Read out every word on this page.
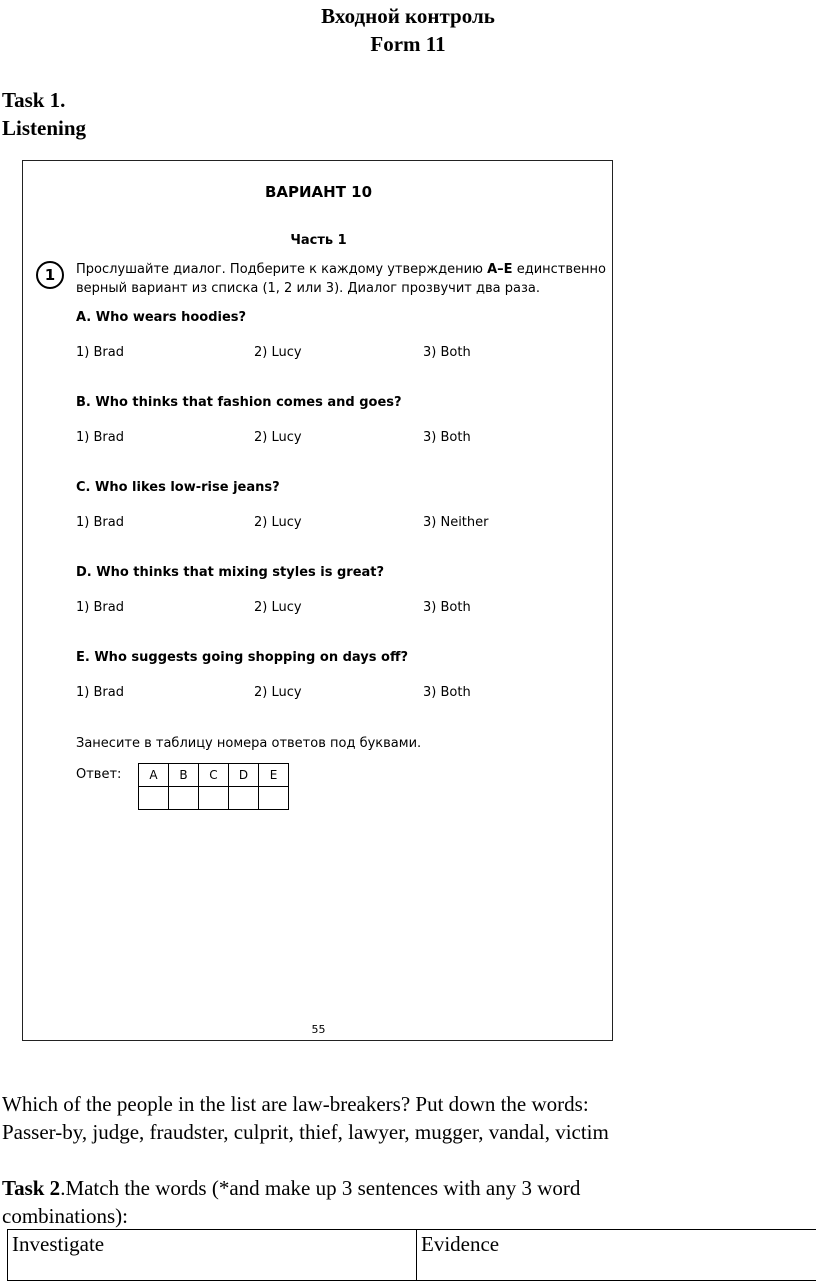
Входной контроль
Form 11
Task 1.
Listening
ВАРИАНТ 10
Часть 1
1	Прослушайте диалог. Подберите к каждому утверждению A–E единственно верный вариант из списка (1, 2 или 3). Диалог прозвучит два раза.
A. Who wears hoodies?
1) Brad	2) Lucy	3) Both
B. Who thinks that fashion comes and goes?
1) Brad	2) Lucy	3) Both
C. Who likes low-rise jeans?
1) Brad	2) Lucy	3) Neither
D. Who thinks that mixing styles is great?
1) Brad	2) Lucy	3) Both
E. Who suggests going shopping on days off?
1) Brad	2) Lucy	3) Both
Занесите в таблицу номера ответов под буквами.
Ответ: A	B	C	D	E

55
Which of the people in the list are law-breakers? Put down the words:
Passer-by, judge, fraudster, culprit, thief, lawyer, mugger, vandal, victim
Task 2.Match the words (*and make up 3 sentences with any 3 word combinations):
Investigate	Evidence
